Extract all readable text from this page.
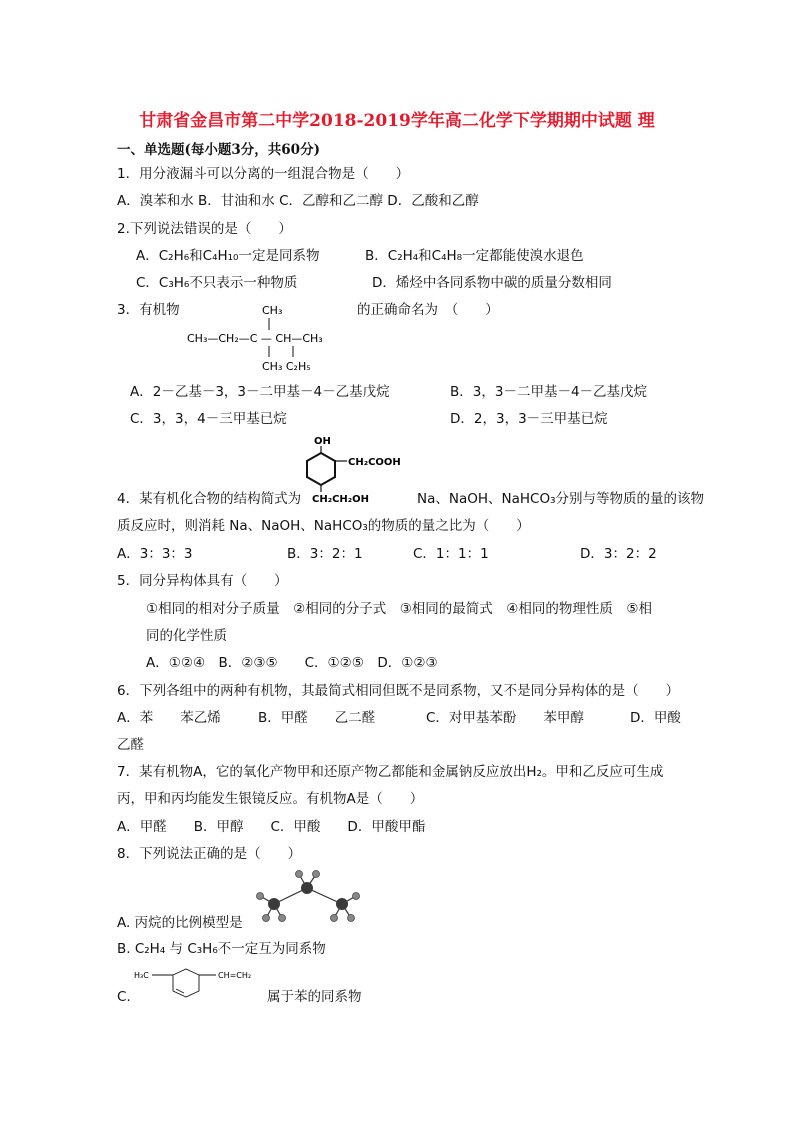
甘肃省金昌市第二中学2018-2019学年高二化学下学期期中试题 理
一、单选题(每小题3分，共60分)
1．用分液漏斗可以分离的一组混合物是（　　）
A．溴苯和水 B．甘油和水 C．乙醇和乙二醇 D．乙酸和乙醇
2.下列说法错误的是（　　）
A．C₂H₆和C₄H₁₀一定是同系物	B．C₂H₄和C₄H₈一定都能使溴水退色
C．C₃H₆不只表示一种物质	D．烯烃中各同系物中碳的质量分数相同
3．有机物	CH₃
CH₃—CH₂—C — CH—CH₃
CH₃ C₂H₅
的正确命名为　（　　）
A．2－乙基－3，3－二甲基－4－乙基戊烷	B．3，3－二甲基－4－乙基戊烷
C．3，3，4－三甲基已烷	D．2，3，3－三甲基已烷
OH
CH₂COOH
CH₂CH₂OH
4．某有机化合物的结构简式为	Na、NaOH、NaHCO₃分别与等物质的量的该物
质反应时，则消耗 Na、NaOH、NaHCO₃的物质的量之比为（　　）
A．3：3：3	B．3：2：1	C．1：1：1	D．3：2：2
5．同分异构体具有（　　）
①相同的相对分子质量　②相同的分子式　③相同的最简式　④相同的物理性质　⑤相
同的化学性质
A．①②④　B．②③⑤　　C．①②⑤　D．①②③
6．下列各组中的两种有机物，其最简式相同但既不是同系物，又不是同分异构体的是（　　）
A．苯　　苯乙烯	B．甲醛　　乙二醛	C．对甲基苯酚　　苯甲醇	D．甲酸
乙醛
7．某有机物A，它的氧化产物甲和还原产物乙都能和金属钠反应放出H₂。甲和乙反应可生成
丙，甲和丙均能发生银镜反应。有机物A是（　　）
A．甲醛　　B．甲醇　　C．甲酸　　D．甲酸甲酯
8．下列说法正确的是（　　）
A. 丙烷的比例模型是
B. C₂H₄ 与 C₃H₆不一定互为同系物
C.
H₃C	CH=CH₂
属于苯的同系物
